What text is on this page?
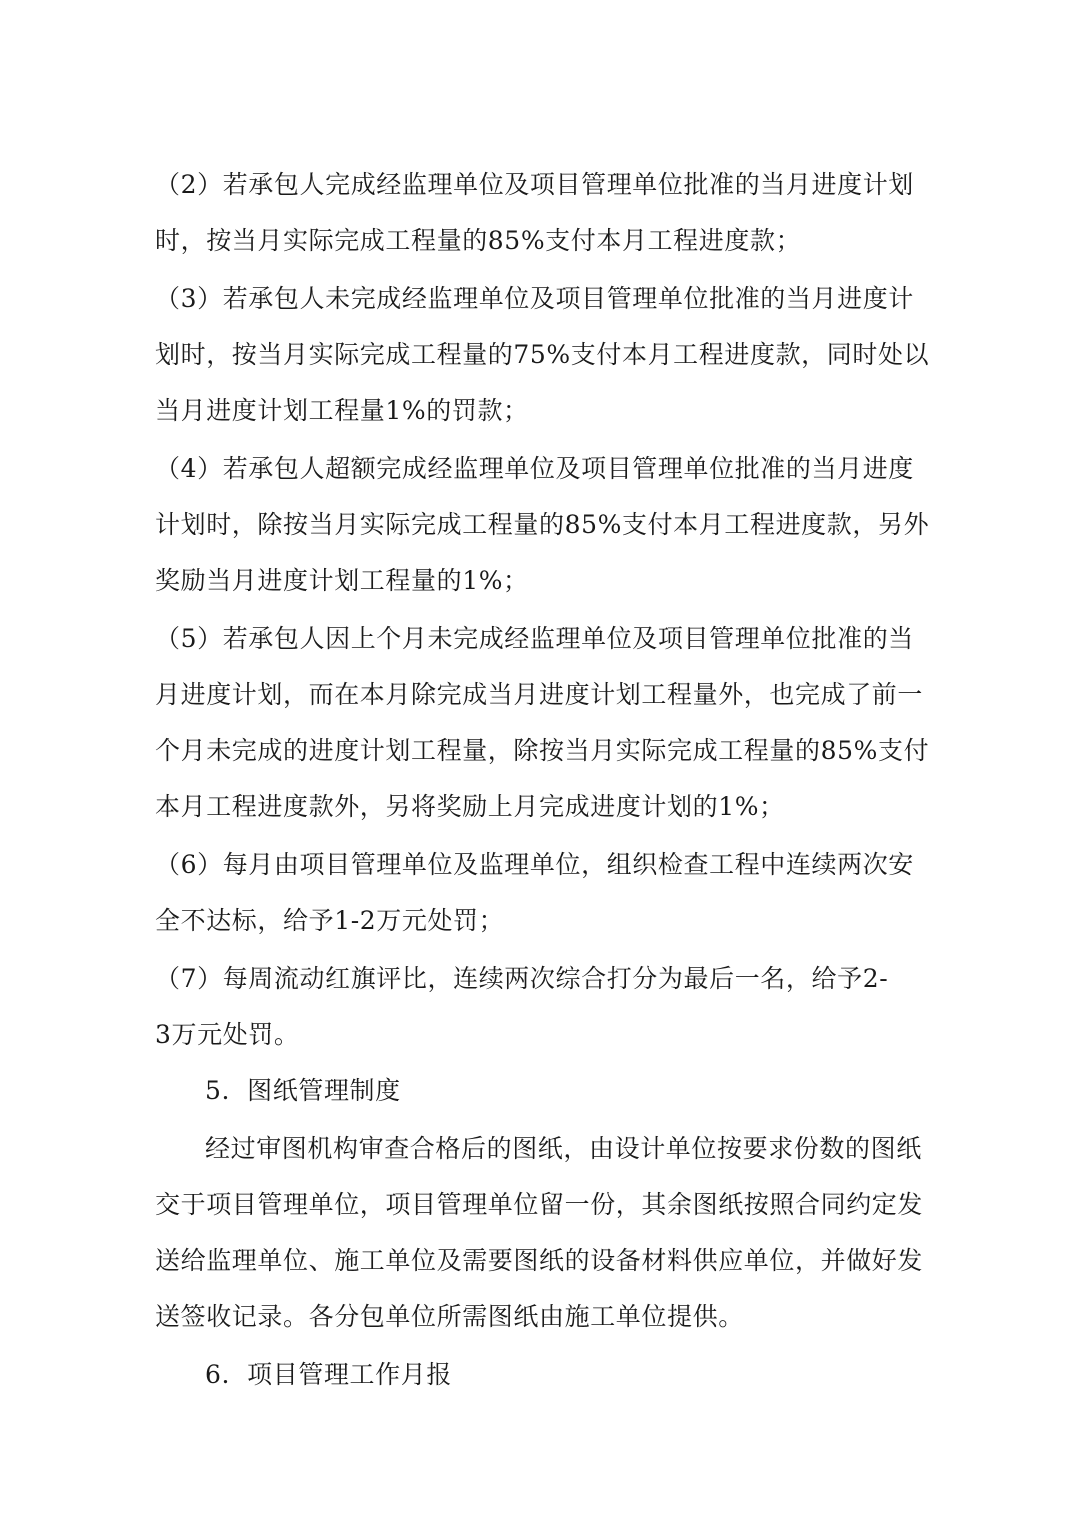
（2）若承包人完成经监理单位及项目管理单位批准的当月进度计划
时，按当月实际完成工程量的85%支付本月工程进度款；
（3）若承包人未完成经监理单位及项目管理单位批准的当月进度计
划时，按当月实际完成工程量的75%支付本月工程进度款，同时处以
当月进度计划工程量1%的罚款；
（4）若承包人超额完成经监理单位及项目管理单位批准的当月进度
计划时，除按当月实际完成工程量的85%支付本月工程进度款，另外
奖励当月进度计划工程量的1%；
（5）若承包人因上个月未完成经监理单位及项目管理单位批准的当
月进度计划，而在本月除完成当月进度计划工程量外，也完成了前一
个月未完成的进度计划工程量，除按当月实际完成工程量的85%支付
本月工程进度款外，另将奖励上月完成进度计划的1%；
（6）每月由项目管理单位及监理单位，组织检查工程中连续两次安
全不达标，给予1-2万元处罚；
（7）每周流动红旗评比，连续两次综合打分为最后一名，给予2-
3万元处罚。
5.  图纸管理制度
经过审图机构审查合格后的图纸，由设计单位按要求份数的图纸
交于项目管理单位，项目管理单位留一份，其余图纸按照合同约定发
送给监理单位、施工单位及需要图纸的设备材料供应单位，并做好发
送签收记录。各分包单位所需图纸由施工单位提供。
6.  项目管理工作月报
